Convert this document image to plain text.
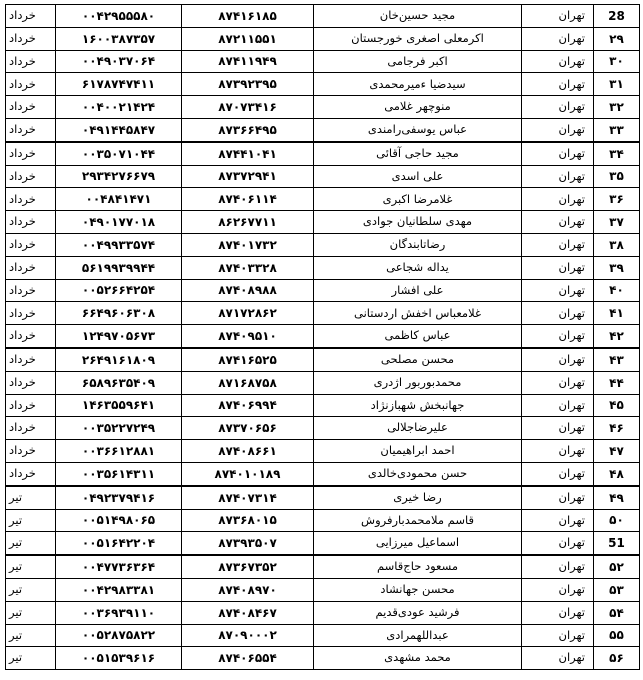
28	تهران	مجید حسین‌خان	۸۷۴۱۶۱۸۵	۰۰۴۲۹۵۵۵۸۰	خرداد
۲۹	تهران	اکرمعلی اصغری خورجستان	۸۷۲۱۱۵۵۱	۱۶۰۰۳۸۷۳۵۷	خرداد
۳۰	تهران	اکبر فرجامی	۸۷۴۱۱۹۴۹	۰۰۴۹۰۳۷۰۶۴	خرداد
۳۱	تهران	سیدضیا ءمیرمحمدی	۸۷۳۹۲۳۹۵	۶۱۷۸۷۴۷۴۱۱	خرداد
۳۲	تهران	منوچهر غلامی	۸۷۰۷۳۴۱۶	۰۰۴۰۰۲۱۴۲۴	خرداد
۳۳	تهران	عباس یوسفی‌رامندی	۸۷۳۶۶۴۹۵	۰۴۹۱۴۴۵۸۴۷	خرداد
۳۴	تهران	مجید حاجی آقائی	۸۷۴۴۱۰۴۱	۰۰۳۵۰۷۱۰۴۴	خرداد
۳۵	تهران	علی اسدی	۸۷۳۷۲۹۴۱	۲۹۳۴۲۷۶۶۷۹	خرداد
۳۶	تهران	غلامرضا اکبری	۸۷۴۰۶۱۱۴	۰۰۴۸۴۱۴۷۱	خرداد
۳۷	تهران	مهدی سلطانیان جوادی	۸۶۲۶۷۷۱۱	۰۴۹۰۱۷۷۰۱۸	خرداد
۳۸	تهران	رضاتابندگان	۸۷۴۰۱۷۳۲	۰۰۴۹۹۳۳۵۷۴	خرداد
۳۹	تهران	یداله شجاعی	۸۷۴۰۳۳۲۸	۵۶۱۹۹۳۹۹۴۴	خرداد
۴۰	تهران	علی افشار	۸۷۴۰۸۹۸۸	۰۰۵۲۶۶۴۲۵۴	خرداد
۴۱	تهران	غلامعباس اخفش اردستانی	۸۷۱۷۲۸۶۲	۶۶۴۹۶۰۶۳۰۸	خرداد
۴۲	تهران	عباس کاظمی	۸۷۴۰۹۵۱۰	۱۲۴۹۷۰۵۶۷۳	خرداد
۴۳	تهران	محسن مصلحی	۸۷۴۱۶۵۲۵	۲۶۴۹۱۶۱۸۰۹	خرداد
۴۴	تهران	محمدبوربور اژدری	۸۷۱۶۸۷۵۸	۶۵۸۹۶۳۵۴۰۹	خرداد
۴۵	تهران	جهانبخش شهبازنژاد	۸۷۴۰۶۹۹۴	۱۴۶۳۵۵۹۶۴۱	خرداد
۴۶	تهران	علیرضاجلالی	۸۷۳۷۰۶۵۶	۰۰۳۵۲۲۷۲۴۹	خرداد
۴۷	تهران	احمد ابراهیمیان	۸۷۴۰۸۶۶۱	۰۰۳۶۶۱۲۸۸۱	خرداد
۴۸	تهران	حسن محمودی‌خالدی	۸۷۴۰۱۰۱۸۹	۰۰۳۵۶۱۴۳۱۱	خرداد
۴۹	تهران	رضا خیری	۸۷۴۰۷۳۱۴	۰۴۹۲۳۷۹۴۱۶	تیر
۵۰	تهران	قاسم ملامحمدبارفروش	۸۷۳۶۸۰۱۵	۰۰۵۱۴۹۸۰۶۵	تیر
51	تهران	اسماعیل میرزایی	۸۷۳۹۳۵۰۷	۰۰۵۱۶۴۲۲۰۴	تیر
۵۲	تهران	مسعود حاج‌قاسم	۸۷۳۶۷۳۵۲	۰۰۴۷۷۳۶۳۶۴	تیر
۵۳	تهران	محسن جهانشاد	۸۷۴۰۸۹۷۰	۰۰۴۲۹۸۳۳۸۱	تیر
۵۴	تهران	فرشید عودی‌قدیم	۸۷۴۰۸۴۶۷	۰۰۳۶۹۳۹۱۱۰	تیر
۵۵	تهران	عبداللهمرادی	۸۷۰۹۰۰۰۲	۰۰۵۲۸۷۵۸۲۲	تیر
۵۶	تهران	محمد مشهدی	۸۷۴۰۶۵۵۴	۰۰۵۱۵۳۹۶۱۶	تیر
